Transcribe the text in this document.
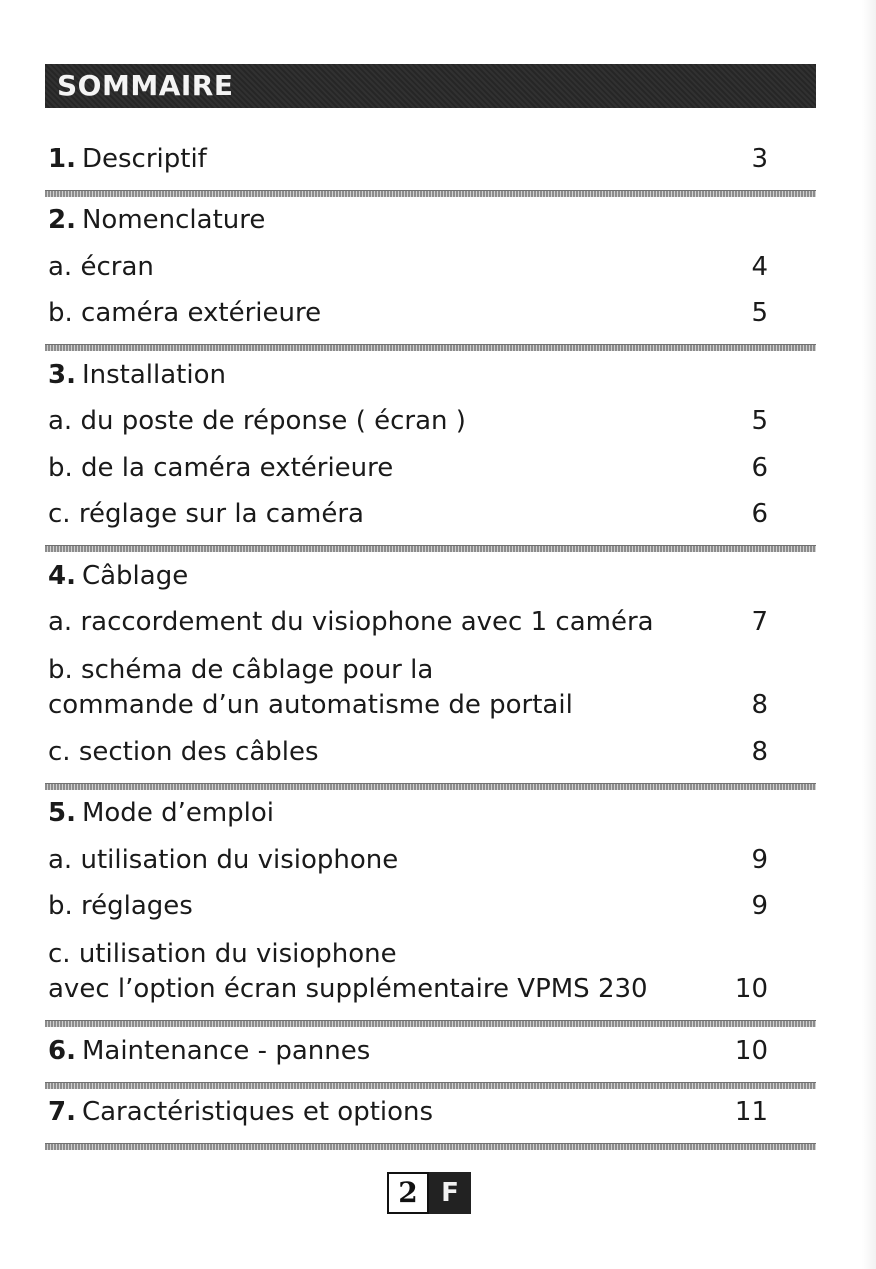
SOMMAIRE
1. Descriptif	3
2. Nomenclature
a. écran	4
b. caméra extérieure	5
3. Installation
a. du poste de réponse ( écran )	5
b. de la caméra extérieure	6
c. réglage sur la caméra	6
4. Câblage
a. raccordement du visiophone avec 1 caméra	7
b. schéma de câblage pour la
commande d’un automatisme de portail	8
c. section des câbles	8
5. Mode d’emploi
a. utilisation du visiophone	9
b. réglages	9
c. utilisation du visiophone
avec l’option écran supplémentaire VPMS 230	10
6. Maintenance - pannes	10
7. Caractéristiques et options	11
2 F
